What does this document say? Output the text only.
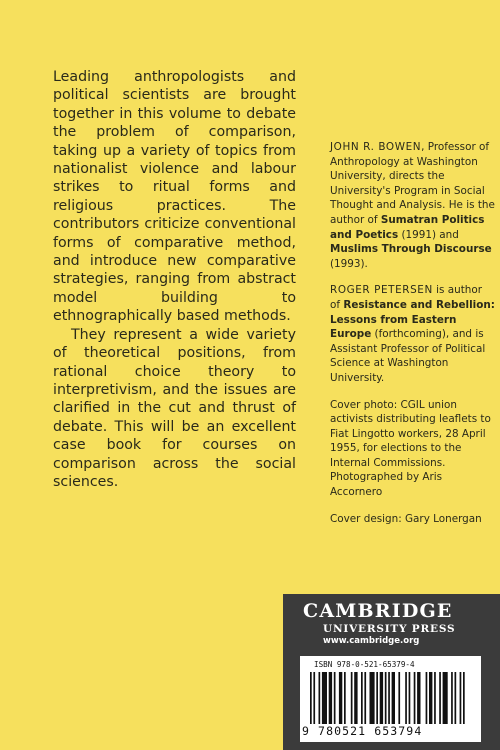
Leading anthropologists and political scientists are brought together in this volume to debate the problem of comparison, taking up a variety of topics from nationalist violence and labour strikes to ritual forms and religious practices. The contributors criticize conventional forms of comparative method, and introduce new comparative strategies, ranging from abstract model building to ethnographically based methods.

They represent a wide variety of theoretical positions, from rational choice theory to interpretivism, and the issues are clarified in the cut and thrust of debate. This will be an excellent case book for courses on comparison across the social sciences.

JOHN R. BOWEN, Professor of Anthropology at Washington University, directs the University's Program in Social Thought and Analysis. He is the author of Sumatran Politics and Poetics (1991) and Muslims Through Discourse (1993).

ROGER PETERSEN is author of Resistance and Rebellion: Lessons from Eastern Europe (forthcoming), and is Assistant Professor of Political Science at Washington University.

Cover photo: CGIL union activists distributing leaflets to Fiat Lingotto workers, 28 April 1955, for elections to the Internal Commissions. Photographed by Aris Accornero

Cover design: Gary Lonergan

CAMBRIDGE
UNIVERSITY PRESS
www.cambridge.org
ISBN 978-0-521-65379-4
9 780521 653794
